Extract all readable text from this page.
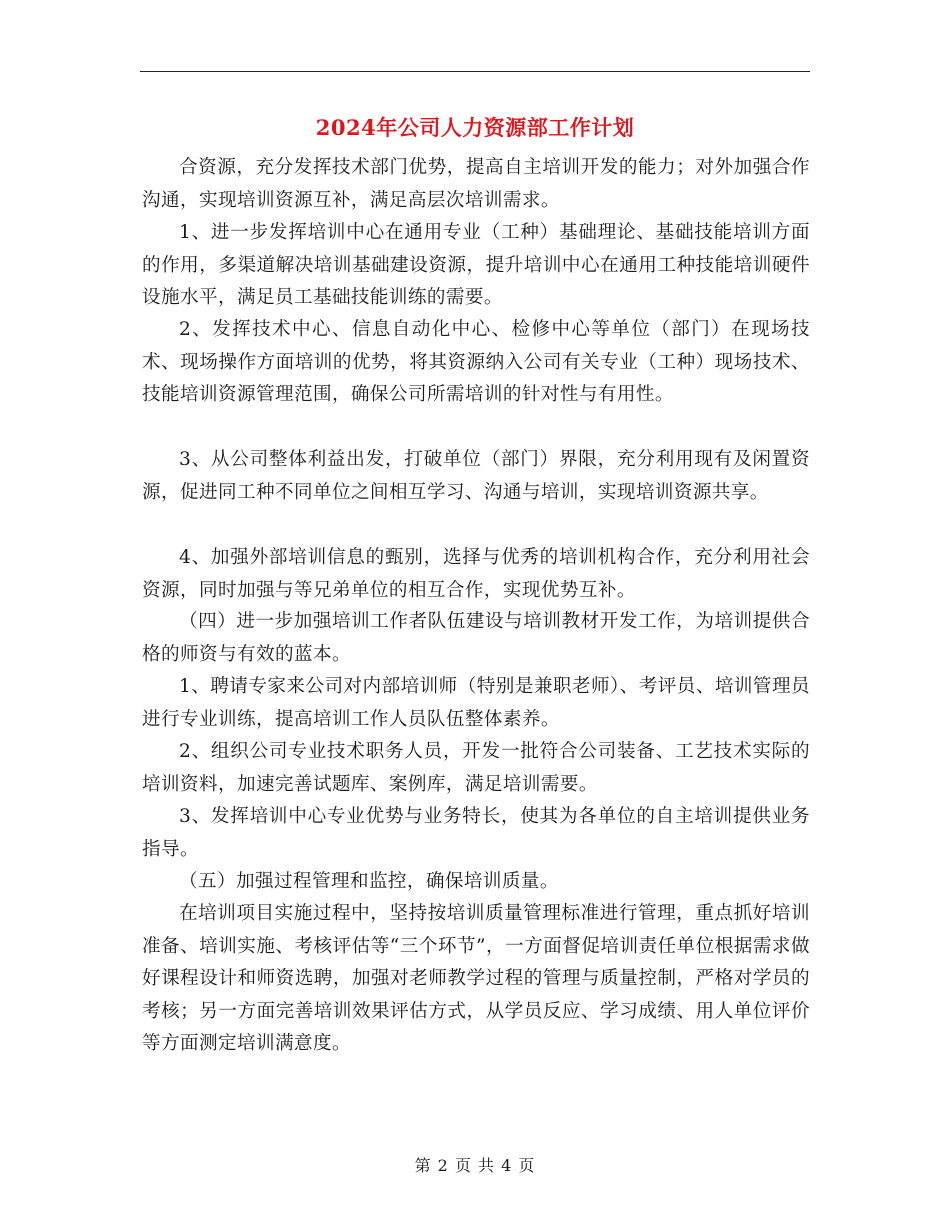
2024年公司人力资源部工作计划

合资源，充分发挥技术部门优势，提高自主培训开发的能力；对外加强合作沟通，实现培训资源互补，满足高层次培训需求。

1、进一步发挥培训中心在通用专业（工种）基础理论、基础技能培训方面的作用，多渠道解决培训基础建设资源，提升培训中心在通用工种技能培训硬件设施水平，满足员工基础技能训练的需要。

2、发挥技术中心、信息自动化中心、检修中心等单位（部门）在现场技术、现场操作方面培训的优势，将其资源纳入公司有关专业（工种）现场技术、技能培训资源管理范围，确保公司所需培训的针对性与有用性。

3、从公司整体利益出发，打破单位（部门）界限，充分利用现有及闲置资源，促进同工种不同单位之间相互学习、沟通与培训，实现培训资源共享。

4、加强外部培训信息的甄别，选择与优秀的培训机构合作，充分利用社会资源，同时加强与等兄弟单位的相互合作，实现优势互补。

（四）进一步加强培训工作者队伍建设与培训教材开发工作，为培训提供合格的师资与有效的蓝本。

1、聘请专家来公司对内部培训师（特别是兼职老师）、考评员、培训管理员进行专业训练，提高培训工作人员队伍整体素养。

2、组织公司专业技术职务人员，开发一批符合公司装备、工艺技术实际的培训资料，加速完善试题库、案例库，满足培训需要。

3、发挥培训中心专业优势与业务特长，使其为各单位的自主培训提供业务指导。

（五）加强过程管理和监控，确保培训质量。

在培训项目实施过程中，坚持按培训质量管理标准进行管理，重点抓好培训准备、培训实施、考核评估等“三个环节”，一方面督促培训责任单位根据需求做好课程设计和师资选聘，加强对老师教学过程的管理与质量控制，严格对学员的考核；另一方面完善培训效果评估方式，从学员反应、学习成绩、用人单位评价等方面测定培训满意度。

第 2 页 共 4 页
